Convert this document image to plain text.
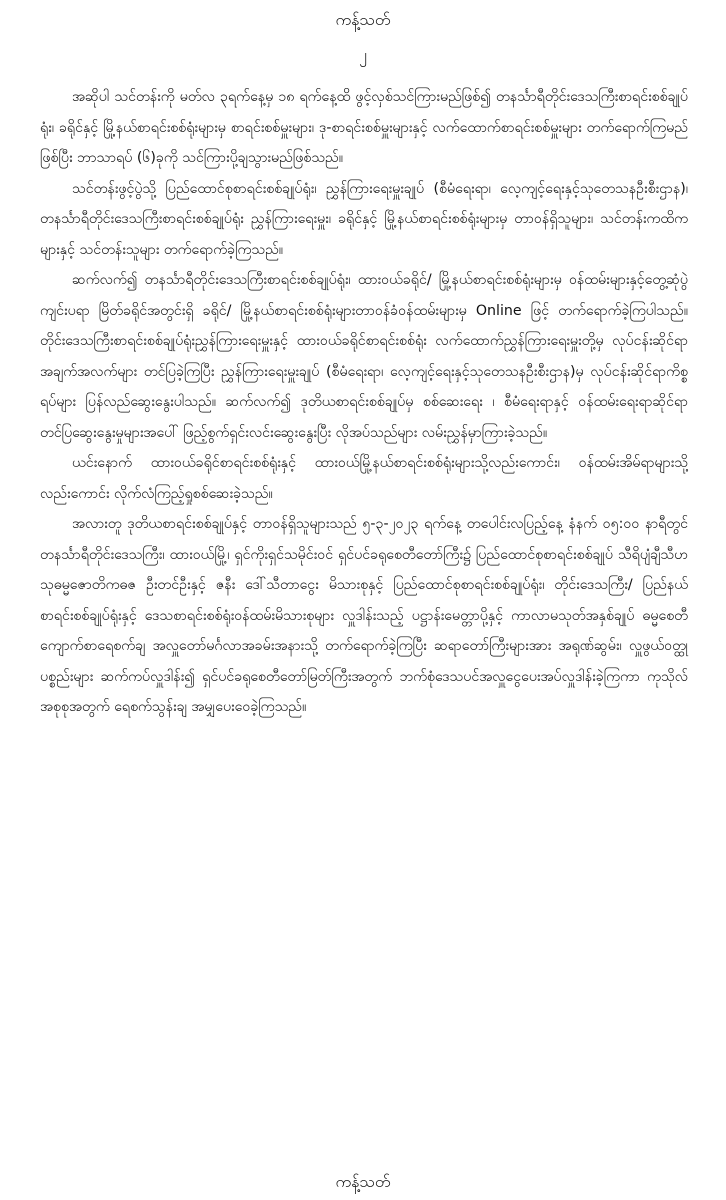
ကန့်သတ်
၂

အဆိုပါ သင်တန်းကို မတ်လ ၃ရက်နေ့မှ ၁၈ ရက်နေ့ထိ ဖွင့်လှစ်သင်ကြားမည်ဖြစ်၍ တနင်္သာရီတိုင်းဒေသကြီးစာရင်းစစ်ချုပ်ရုံး၊ ခရိုင်နှင့် မြို့နယ်စာရင်းစစ်ရုံးများမှ စာရင်းစစ်မှူးများ၊ ဒု-စာရင်းစစ်မှူးများနှင့် လက်ထောက်စာရင်းစစ်မှူးများ တက်ရောက်ကြမည်ဖြစ်ပြီး ဘာသာရပ် (၆)ခုကို သင်ကြားပို့ချသွားမည်ဖြစ်သည်။

သင်တန်းဖွင့်ပွဲသို့ ပြည်ထောင်စုစာရင်းစစ်ချုပ်ရုံး၊ ညွှန်ကြားရေးမှူးချုပ် (စီမံရေးရာ၊ လေ့ကျင့်ရေးနှင့်သုတေသနဦးစီးဌာန)၊ တနင်္သာရီတိုင်းဒေသကြီးစာရင်းစစ်ချုပ်ရုံး ညွှန်ကြားရေးမှူး၊ ခရိုင်နှင့် မြို့နယ်စာရင်းစစ်ရုံးများမှ တာဝန်ရှိသူများ၊ သင်တန်းကထိကများနှင့် သင်တန်းသူများ တက်ရောက်ခဲ့ကြသည်။

ဆက်လက်၍ တနင်္သာရီတိုင်းဒေသကြီးစာရင်းစစ်ချုပ်ရုံး၊ ထားဝယ်ခရိုင်/ မြို့နယ်စာရင်းစစ်ရုံးများမှ ဝန်ထမ်းများနှင့်တွေ့ဆုံပွဲကျင်းပရာ မြိတ်ခရိုင်အတွင်းရှိ ခရိုင်/ မြို့နယ်စာရင်းစစ်ရုံးများတာဝန်ခံဝန်ထမ်းများမှ Online ဖြင့် တက်ရောက်ခဲ့ကြပါသည်။ တိုင်းဒေသကြီးစာရင်းစစ်ချုပ်ရုံးညွှန်ကြားရေးမှူးနှင့် ထားဝယ်ခရိုင်စာရင်းစစ်ရုံး လက်ထောက်ညွှန်ကြားရေးမှူးတို့မှ လုပ်ငန်းဆိုင်ရာ အချက်အလက်များ တင်ပြခဲ့ကြပြီး ညွှန်ကြားရေးမှူးချုပ် (စီမံရေးရာ၊ လေ့ကျင့်ရေးနှင့်သုတေသနဦးစီးဌာန)မှ လုပ်ငန်းဆိုင်ရာကိစ္စရပ်များ ပြန်လည်ဆွေးနွေးပါသည်။ ဆက်လက်၍ ဒုတိယစာရင်းစစ်ချုပ်မှ စစ်ဆေးရေး ၊ စီမံရေးရာနှင့် ဝန်ထမ်းရေးရာဆိုင်ရာ တင်ပြဆွေးနွေးမှုများအပေါ် ဖြည့်စွက်ရှင်းလင်းဆွေးနွေးပြီး လိုအပ်သည်များ လမ်းညွှန်မှာကြားခဲ့သည်။

ယင်းနောက် ထားဝယ်ခရိုင်စာရင်းစစ်ရုံးနှင့် ထားဝယ်မြို့နယ်စာရင်းစစ်ရုံးများသို့လည်းကောင်း၊ ဝန်ထမ်းအိမ်ရာများသို့လည်းကောင်း လိုက်လံကြည့်ရှုစစ်ဆေးခဲ့သည်။

အလားတူ ဒုတိယစာရင်းစစ်ချုပ်နှင့် တာဝန်ရှိသူများသည် ၅-၃-၂၀၂၃ ရက်နေ့ တပေါင်းလပြည့်နေ့ နံနက် ၀၅:၀၀ နာရီတွင် တနင်္သာရီတိုင်းဒေသကြီး၊ ထားဝယ်မြို့၊ ရှင်ကိုးရှင်သမိုင်းဝင် ရှင်ပင်ခရုစေတီတော်ကြီး၌ ပြည်ထောင်စုစာရင်းစစ်ချုပ် သီရိပျံချီသီဟသုဓမ္မဇောတိကဓဇ ဦးတင်ဦးနှင့် ဇနီး ဒေါ်သီတာငွေး မိသားစုနှင့် ပြည်ထောင်စုစာရင်းစစ်ချုပ်ရုံး၊ တိုင်းဒေသကြီး/ ပြည်နယ်စာရင်းစစ်ချုပ်ရုံးနှင့် ဒေသစာရင်းစစ်ရုံးဝန်ထမ်းမိသားစုများ လှူဒါန်းသည့် ပဋ္ဌာန်းမေတ္တာပို့နှင့် ကာလာမသုတ်အနှစ်ချုပ် ဓမ္မစေတီကျောက်စာရေစက်ချ အလှူတော်မင်္ဂလာအခမ်းအနားသို့ တက်ရောက်ခဲ့ကြပြီး ဆရာတော်ကြီးများအား အရုဏ်ဆွမ်း၊ လှူဖွယ်ဝတ္ထုပစ္စည်းများ ဆက်ကပ်လှူဒါန်း၍ ရှင်ပင်ခရုစေတီတော်မြတ်ကြီးအတွက် ဘက်စုံဒေသပင်အလှူငွေပေးအပ်လှူဒါန်းခဲ့ကြကာ ကုသိုလ်အစုစုအတွက် ရေစက်သွန်းချ အမျှပေးဝေခဲ့ကြသည်။

ကန့်သတ်
